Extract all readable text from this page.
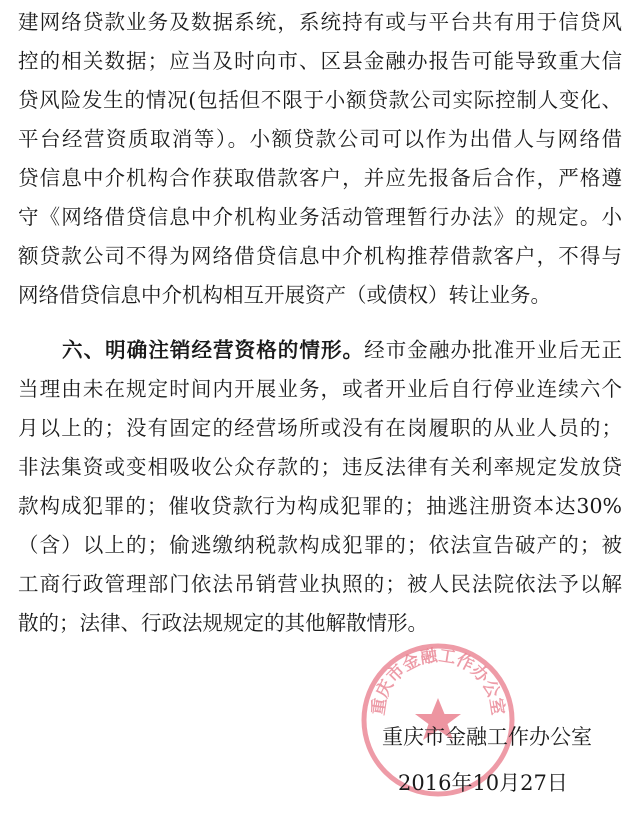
建网络贷款业务及数据系统，系统持有或与平台共有用于信贷风
控的相关数据；应当及时向市、区县金融办报告可能导致重大信
贷风险发生的情况(包括但不限于小额贷款公司实际控制人变化、
平台经营资质取消等）。小额贷款公司可以作为出借人与网络借
贷信息中介机构合作获取借款客户，并应先报备后合作，严格遵
守《网络借贷信息中介机构业务活动管理暂行办法》的规定。小
额贷款公司不得为网络借贷信息中介机构推荐借款客户，不得与
网络借贷信息中介机构相互开展资产（或债权）转让业务。
六、明确注销经营资格的情形。经市金融办批准开业后无正
当理由未在规定时间内开展业务，或者开业后自行停业连续六个
月以上的；没有固定的经营场所或没有在岗履职的从业人员的；
非法集资或变相吸收公众存款的；违反法律有关利率规定发放贷
款构成犯罪的；催收贷款行为构成犯罪的；抽逃注册资本达30%
（含）以上的；偷逃缴纳税款构成犯罪的；依法宣告破产的；被
工商行政管理部门依法吊销营业执照的；被人民法院依法予以解
散的；法律、行政法规规定的其他解散情形。
重庆市金融工作办公室
重庆市金融工作办公室
2016年10月27日
